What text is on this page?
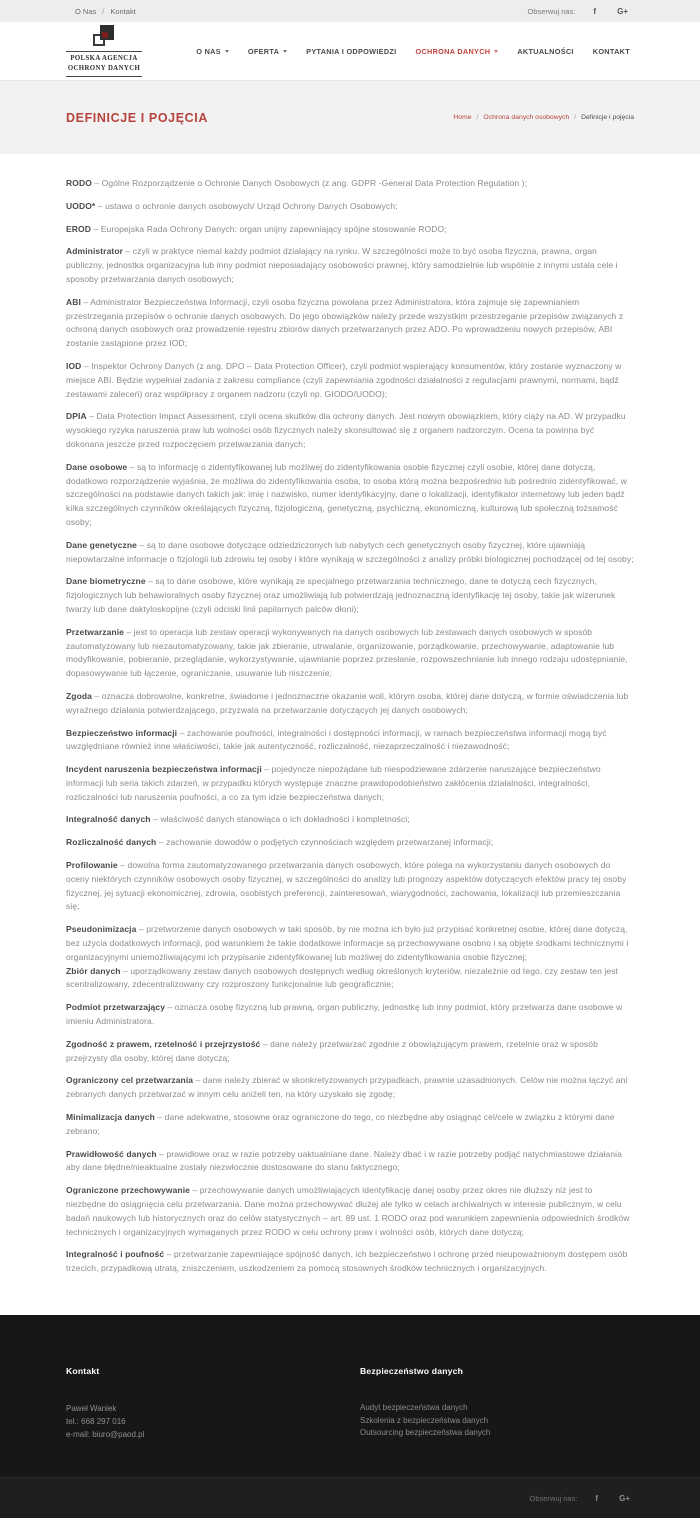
O Nas	/ Kontakt	Obserwuj nas: f	G+
POLSKA AGENCJA
OCHRONY DANYCH
O NAS	OFERTA	PYTANIA I ODPOWIEDZI	OCHRONA DANYCH	AKTUALNOŚCI	KONTAKT
DEFINICJE I POJĘCIA	Home	/ Ochrona danych osobowych	/ Definicje i pojęcia

RODO – Ogólne Rozporządzenie o Ochronie Danych Osobowych (z ang. GDPR -General Data Protection Regulation );

UODO* – ustawa o ochronie danych osobowych/ Urząd Ochrony Danych Osobowych;

EROD – Europejska Rada Ochrony Danych: organ unijny zapewniający spójne stosowanie RODO;

Administrator – czyli w praktyce niemal każdy podmiot działający na rynku. W szczególności może to być osoba fizyczna, prawna, organ publiczny, jednostka organizacyjna lub inny podmiot nieposiadający osobowości prawnej, który samodzielnie lub wspólnie z innymi ustala cele i sposoby przetwarzania danych osobowych;

ABI – Administrator Bezpieczeństwa Informacji, czyli osoba fizyczna powołana przez Administratora, która zajmuje się zapewnianiem przestrzegania przepisów o ochronie danych osobowych. Do jego obowiązków należy przede wszystkim przestrzeganie przepisów związanych z ochroną danych osobowych oraz prowadzenie rejestru zbiorów danych przetwarzanych przez ADO. Po wprowadzeniu nowych przepisów, ABI zostanie zastąpione przez IOD;

IOD – Inspektor Ochrony Danych (z ang. DPO – Data Protection Officer), czyli podmiot wspierający konsumentów, który zostanie wyznaczony w miejsce ABI. Będzie wypełniał zadania z zakresu compliance (czyli zapewniania zgodności działalności z regulacjami prawnymi, normami, bądź zestawami zaleceń) oraz współpracy z organem nadzoru (czyli np. GIODO/UODO);

DPIA – Data Protection Impact Assessment, czyli ocena skutków dla ochrony danych. Jest nowym obowiązkiem, który ciąży na AD. W przypadku wysokiego ryzyka naruszenia praw lub wolności osób fizycznych należy skonsultować się z organem nadzorczym. Ocena ta powinna być dokonana jeszcze przed rozpoczęciem przetwarzania danych;

Dane osobowe – są to informację o zidentyfikowanej lub możliwej do zidentyfikowania osobie fizycznej czyli osobie, której dane dotyczą, dodatkowo rozporządzenie wyjaśnia, że możliwa do zidentyfikowania osoba, to osoba którą można bezpośrednio lub pośrednio zidentyfikować, w szczególności na podstawie danych takich jak: imię i nazwisko, numer identyfikacyjny, dane o lokalizacji, identyfikator internetowy lub jeden bądź kilka szczególnych czynników określających fizyczną, fizjologiczną, genetyczną, psychiczną, ekonomiczną, kulturową lub społeczną tożsamość osoby;

Dane genetyczne – są to dane osobowe dotyczące odziedziczonych lub nabytych cech genetycznych osoby fizycznej, które ujawniają niepowtarzalne informacje o fizjologii lub zdrowiu tej osoby i które wynikają w szczególności z analizy próbki biologicznej pochodzącej od tej osoby;

Dane biometryczne – są to dane osobowe, które wynikają ze specjalnego przetwarzania technicznego, dane te dotyczą cech fizycznych, fizjologicznych lub behawioralnych osoby fizycznej oraz umożliwiają lub potwierdzają jednoznaczną identyfikację tej osoby, takie jak wizerunek twarzy lub dane daktyloskopijne (czyli odciski linii papilarnych palców dłoni);

Przetwarzanie – jest to operacja lub zestaw operacji wykonywanych na danych osobowych lub zestawach danych osobowych w sposób zautomatyzowany lub niezautomatyzowany, takie jak zbieranie, utrwalanie, organizowanie, porządkowanie, przechowywanie, adaptowanie lub modyfikowanie, pobieranie, przeglądanie, wykorzystywanie, ujawnianie poprzez przesłanie, rozpowszechnianie lub innego rodzaju udostępnianie, dopasowywanie lub łączenie, ograniczanie, usuwanie lub niszczenie;

Zgoda – oznacza dobrowolne, konkretne, świadome i jednoznaczne okazanie woli, którym osoba, której dane dotyczą, w formie oświadczenia lub wyraźnego działania potwierdzającego, przyzwala na przetwarzanie dotyczących jej danych osobowych;

Bezpieczeństwo informacji – zachowanie poufności, integralności i dostępności informacji, w ramach bezpieczeństwa informacji mogą być uwzględniane również inne właściwości, takie jak autentyczność, rozliczalność, niezaprzeczalność i niezawodność;

Incydent naruszenia bezpieczeństwa informacji – pojedyncze niepożądane lub niespodziewane zdarzenie naruszające bezpieczeństwo informacji lub seria takich zdarzeń, w przypadku których występuje znaczne prawdopodobieństwo zakłócenia działalności, integralności, rozliczalności lub naruszenia poufności, a co za tym idzie bezpieczeństwa danych;

Integralność danych – właściwość danych stanowiąca o ich dokładności i kompletności;

Rozliczalność danych – zachowanie dowodów o podjętych czynnościach względem przetwarzanej informacji;

Profilowanie – dowolna forma zautomatyzowanego przetwarzania danych osobowych, które polega na wykorzystaniu danych osobowych do oceny niektórych czynników osobowych osoby fizycznej, w szczególności do analizy lub prognozy aspektów dotyczących efektów pracy tej osoby fizycznej, jej sytuacji ekonomicznej, zdrowia, osobistych preferencji, zainteresowań, wiarygodności, zachowania, lokalizacji lub przemieszczania się;

Pseudonimizacja – przetworzenie danych osobowych w taki sposób, by nie można ich było już przypisać konkretnej osobie, której dane dotyczą, bez użycia dodatkowych informacji, pod warunkiem że takie dodatkowe informacje są przechowywane osobno i są objęte środkami technicznymi i organizacyjnymi uniemożliwiającymi ich przypisanie zidentyfikowanej lub możliwej do zidentyfikowania osobie fizycznej;

Zbiór danych – uporządkowany zestaw danych osobowych dostępnych według określonych kryteriów, niezależnie od tego, czy zestaw ten jest scentralizowany, zdecentralizowany czy rozproszony funkcjonalnie lub geograficznie;

Podmiot przetwarzający – oznacza osobę fizyczną lub prawną, organ publiczny, jednostkę lub inny podmiot, który przetwarza dane osobowe w imieniu Administratora.

Zgodność z prawem, rzetelność i przejrzystość – dane należy przetwarzać zgodnie z obowiązującym prawem, rzetelnie oraz w sposób przejrzysty dla osoby, której dane dotyczą;

Ograniczony cel przetwarzania – dane należy zbierać w skonkretyzowanych przypadkach, prawnie uzasadnionych. Celów nie można łączyć ani zebranych danych przetwarzać w innym celu aniżeli ten, na który uzyskało się zgodę;

Minimalizacja danych – dane adekwatne, stosowne oraz ograniczone do tego, co niezbędne aby osiągnąć cel/cele w związku z którymi dane zebrano;

Prawidłowość danych – prawidłowe oraz w razie potrzeby uaktualniane dane. Należy dbać i w razie potrzeby podjąć natychmiastowe działania aby dane błędne/nieaktualne zostały niezwłocznie dostosowane do stanu faktycznego;

Ograniczone przechowywanie – przechowywanie danych umożliwiających identyfikację danej osoby przez okres nie dłuższy niż jest to niezbędne do osiągnięcia celu przetwarzania. Dane można przechowywać dłużej ale tylko w celach archiwalnych w interesie publicznym, w celu badań naukowych lub historycznych oraz do celów statystycznych – art. 89 ust. 1 RODO oraz pod warunkiem zapewnienia odpowiednich środków technicznych i organizacyjnych wymaganych przez RODO w celu ochrony praw i wolności osób, których dane dotyczą;

Integralność i poufność – przetwarzanie zapewniające spójność danych, ich bezpieczeństwo i ochronę przed nieupoważnionym dostępem osób trzecich, przypadkową utratą, zniszczeniem, uszkodzeniem za pomocą stosownych środków technicznych i organizacyjnych.

Kontakt
Paweł Waniek
tel.: 668 297 016
e-mail: biuro@paod.pl
Bezpieczeństwo danych
Audyt bezpieczeństwa danych
Szkolenia z bezpieczeństwa danych
Outsourcing bezpieczeństwa danych
Obserwuj nas: f	G+
